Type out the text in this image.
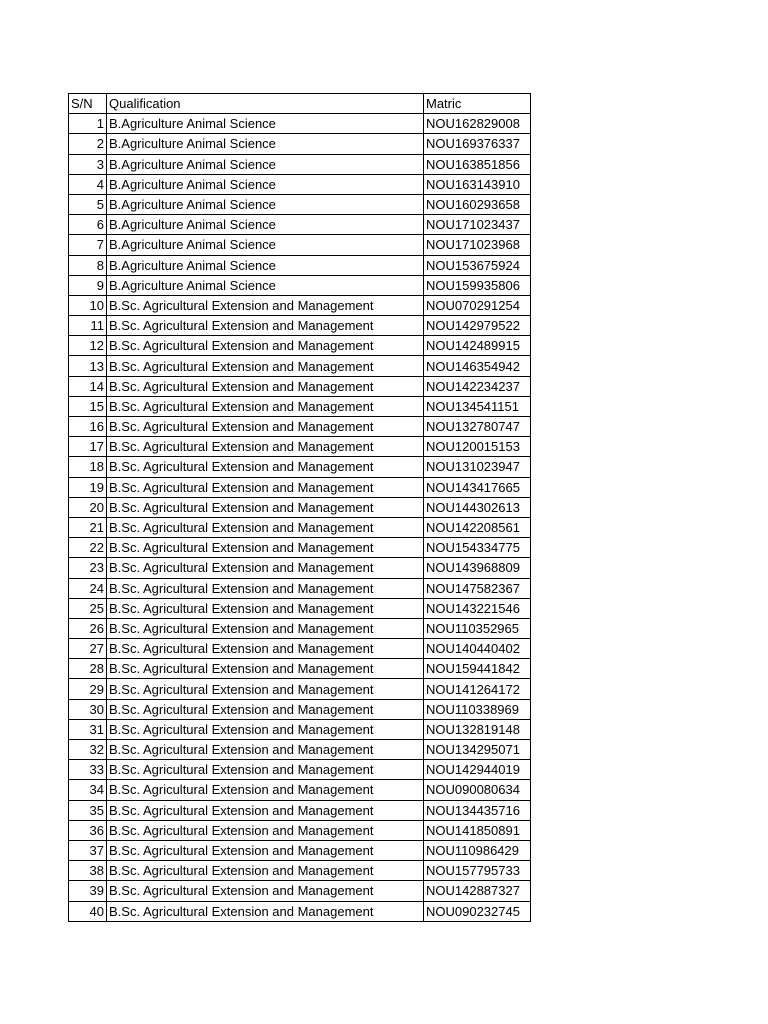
S/N	Qualification	Matric
1	B.Agriculture Animal Science	NOU162829008
2	B.Agriculture Animal Science	NOU169376337
3	B.Agriculture Animal Science	NOU163851856
4	B.Agriculture Animal Science	NOU163143910
5	B.Agriculture Animal Science	NOU160293658
6	B.Agriculture Animal Science	NOU171023437
7	B.Agriculture Animal Science	NOU171023968
8	B.Agriculture Animal Science	NOU153675924
9	B.Agriculture Animal Science	NOU159935806
10	B.Sc. Agricultural Extension and Management	NOU070291254
11	B.Sc. Agricultural Extension and Management	NOU142979522
12	B.Sc. Agricultural Extension and Management	NOU142489915
13	B.Sc. Agricultural Extension and Management	NOU146354942
14	B.Sc. Agricultural Extension and Management	NOU142234237
15	B.Sc. Agricultural Extension and Management	NOU134541151
16	B.Sc. Agricultural Extension and Management	NOU132780747
17	B.Sc. Agricultural Extension and Management	NOU120015153
18	B.Sc. Agricultural Extension and Management	NOU131023947
19	B.Sc. Agricultural Extension and Management	NOU143417665
20	B.Sc. Agricultural Extension and Management	NOU144302613
21	B.Sc. Agricultural Extension and Management	NOU142208561
22	B.Sc. Agricultural Extension and Management	NOU154334775
23	B.Sc. Agricultural Extension and Management	NOU143968809
24	B.Sc. Agricultural Extension and Management	NOU147582367
25	B.Sc. Agricultural Extension and Management	NOU143221546
26	B.Sc. Agricultural Extension and Management	NOU110352965
27	B.Sc. Agricultural Extension and Management	NOU140440402
28	B.Sc. Agricultural Extension and Management	NOU159441842
29	B.Sc. Agricultural Extension and Management	NOU141264172
30	B.Sc. Agricultural Extension and Management	NOU110338969
31	B.Sc. Agricultural Extension and Management	NOU132819148
32	B.Sc. Agricultural Extension and Management	NOU134295071
33	B.Sc. Agricultural Extension and Management	NOU142944019
34	B.Sc. Agricultural Extension and Management	NOU090080634
35	B.Sc. Agricultural Extension and Management	NOU134435716
36	B.Sc. Agricultural Extension and Management	NOU141850891
37	B.Sc. Agricultural Extension and Management	NOU110986429
38	B.Sc. Agricultural Extension and Management	NOU157795733
39	B.Sc. Agricultural Extension and Management	NOU142887327
40	B.Sc. Agricultural Extension and Management	NOU090232745
